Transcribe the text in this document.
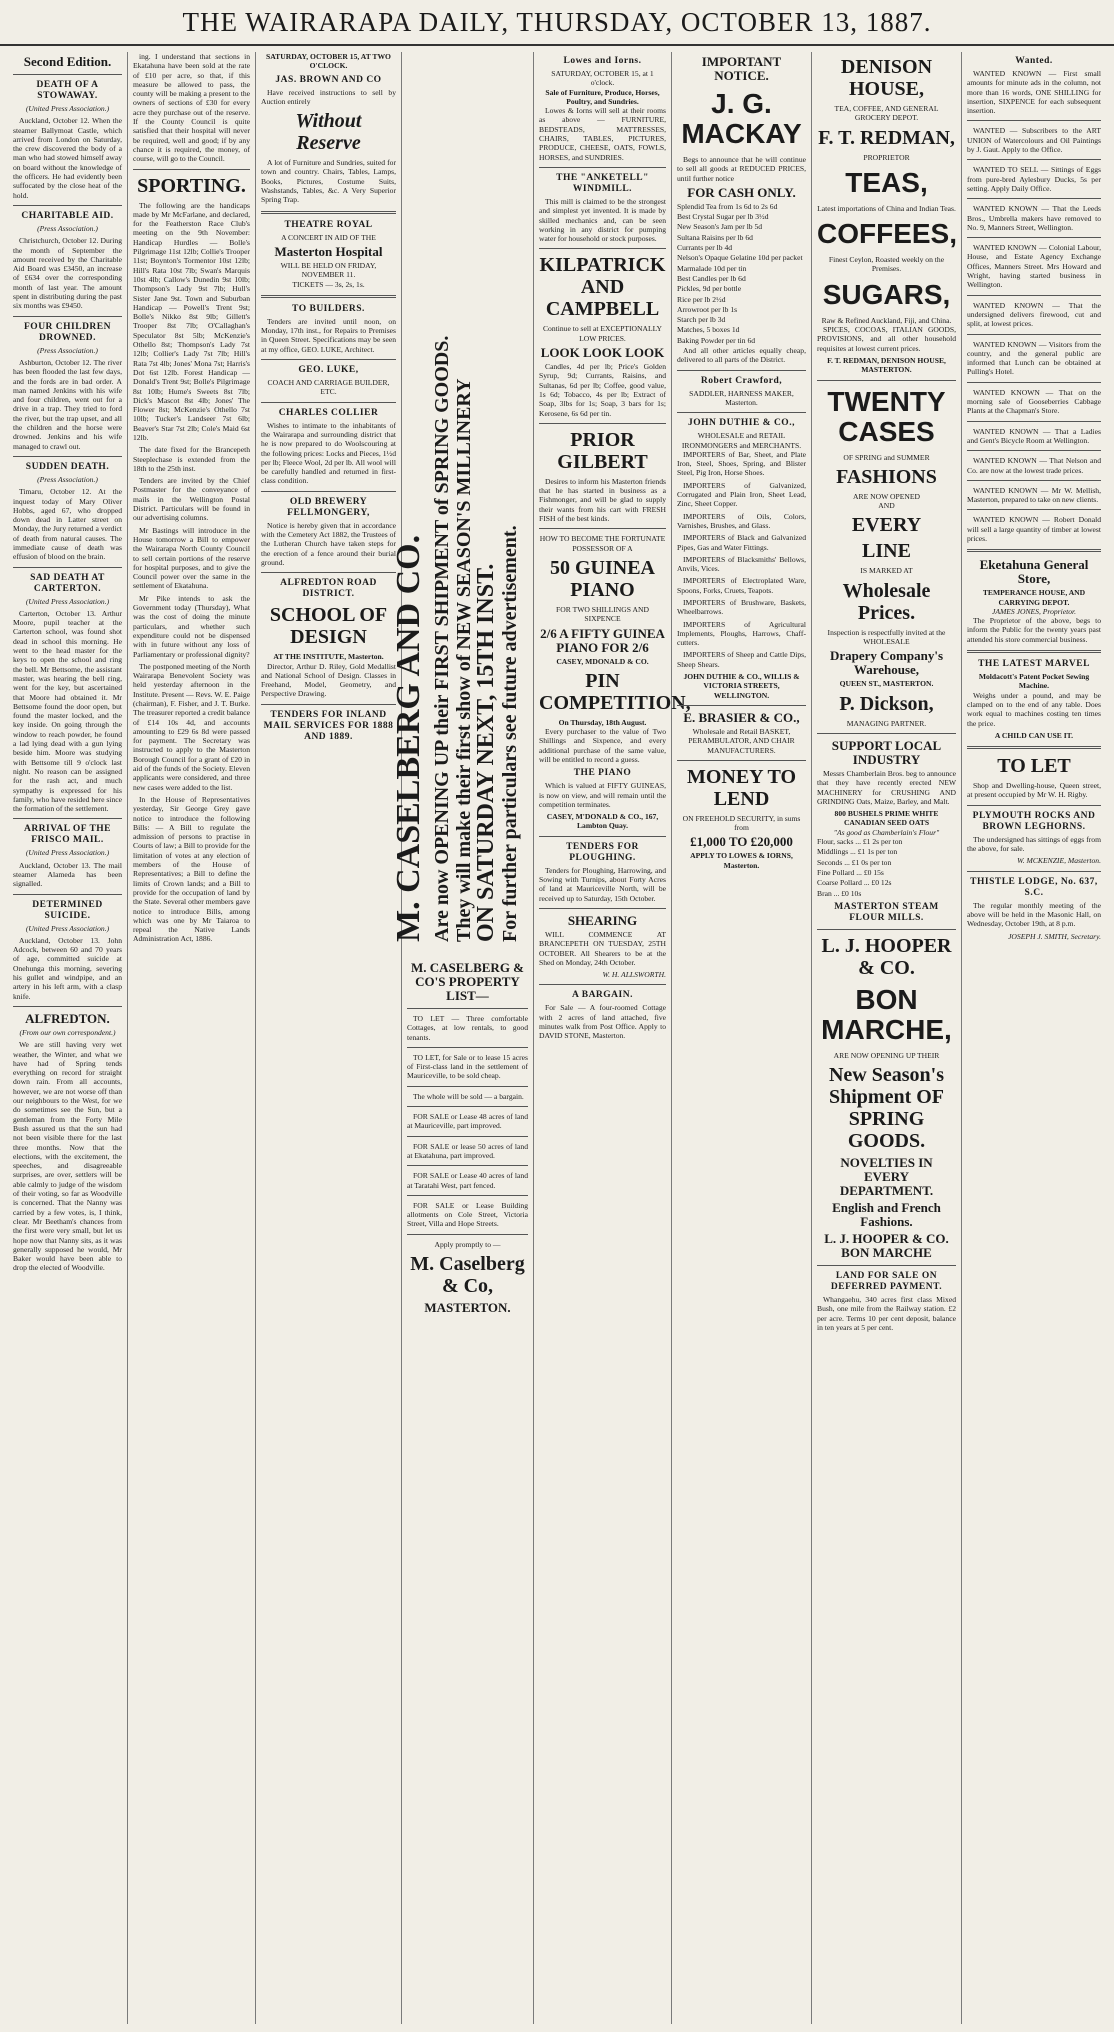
THE WAIRARAPA DAILY, THURSDAY, OCTOBER 13, 1887.
Second Edition.
DEATH OF A STOWAWAY.
(United Press Association.)

Auckland, October 12. When the steamer Ballymoat Castle, which arrived from London on Saturday, the crew discovered the body of a man who had stowed himself away on board without the knowledge of the officers. He had evidently been suffocated by the close heat of the hold.

CHARITABLE AID.
(Press Association.)

Christchurch, October 12. During the month of September the amount received by the Charitable Aid Board was £3450, an increase of £634 over the corresponding month of last year. The amount spent in distributing during the past six months was £9450.

FOUR CHILDREN DROWNED.
(Press Association.)

Ashburton, October 12. The river has been flooded the last few days, and the fords are in bad order. A man named Jenkins with his wife and four children, went out for a drive in a trap. They tried to ford the river, but the trap upset, and all the children and the horse were drowned. Jenkins and his wife managed to crawl out.

SUDDEN DEATH.
(Press Association.)

Timaru, October 12. At the inquest today of Mary Oliver Hobbs, aged 67, who dropped down dead in Latter street on Monday, the Jury returned a verdict of death from natural causes. The immediate cause of death was effusion of blood on the brain.

SAD DEATH AT CARTERTON.
(United Press Association.)

Carterton, October 13. Arthur Moore, pupil teacher at the Carterton school, was found shot dead in school this morning. He went to the head master for the keys to open the school and ring the bell. Mr Bettsome, the assistant master, was hearing the bell ring, went for the key, but ascertained that Moore had obtained it. Mr Bettsome found the door open, but found the master locked, and the key inside. On going through the window to reach powder, he found a lad lying dead with a gun lying beside him. Moore was studying with Bettsome till 9 o'clock last night. No reason can be assigned for the rash act, and much sympathy is expressed for his family, who have resided here since the formation of the settlement.

ARRIVAL OF THE FRISCO MAIL.
(United Press Association.)

Auckland, October 13. The mail steamer Alameda has been signalled.

DETERMINED SUICIDE.
(United Press Association.)

Auckland, October 13. John Adcock, between 60 and 70 years of age, committed suicide at Onehunga this morning, severing his gullet and windpipe, and an artery in his left arm, with a clasp knife.

ALFREDTON.
(From our own correspondent.)

We are still having very wet weather, the Winter, and what we have had of Spring tends everything on record for straight down rain. From all accounts, however, we are not worse off than our neighbours to the West, for we do sometimes see the Sun, but a gentleman from the Forty Mile Bush assured us that the sun had not been visible there for the last three months. Now that the elections, with the excitement, the speeches, and disagreeable surprises, are over, settlers will be able calmly to judge of the wisdom of their voting, so far as Woodville is concerned. That the Nanny was carried by a few votes, is, I think, clear. Mr Beetham's chances from the first were very small, but let us hope now that Nanny sits, as it was generally supposed he would, Mr Baker would have been able to drop the elected of Woodville.

ing. I understand that sections in Ekatahuna have been sold at the rate of £10 per acre, so that, if this measure be allowed to pass, the county will be making a present to the owners of sections of £30 for every acre they purchase out of the reserve. If the County Council is quite satisfied that their hospital will never be required, well and good; if by any chance it is required, the money, of course, will go to the Council.

SPORTING.

The following are the handicaps made by Mr McFarlane, and declared, for the Featherston Race Club's meeting on the 9th November: Handicap Hurdles — Bolle's Pilgrimage 11st 12lb; Collie's Trooper 11st; Boynton's Tormentor 10st 12lb; Hill's Rata 10st 7lb; Swan's Marquis 10st 4lb; Callow's Dunedin 9st 10lb; Thompson's Lady 9st 7lb; Hull's Sister Jane 9st. Town and Suburban Handicap — Powell's Trent 9st; Bolle's Nikko 8st 9lb; Gillett's Trooper 8st 7lb; O'Callaghan's Speculator 8st 5lb; McKenzie's Othello 8st; Thompson's Lady 7st 12lb; Collier's Lady 7st 7lb; Hill's Rata 7st 4lb; Jones' Mona 7st; Harris's Dot 6st 12lb. Forest Handicap — Donald's Trent 9st; Bolle's Pilgrimage 8st 10lb; Hume's Sweets 8st 7lb; Dick's Mascot 8st 4lb; Jones' The Flower 8st; McKenzie's Othello 7st 10lb; Tucker's Landseer 7st 6lb; Beaver's Star 7st 2lb; Cole's Maid 6st 12lb.

The date fixed for the Brancepeth Steeplechase is extended from the 18th to the 25th inst.

Tenders are invited by the Chief Postmaster for the conveyance of mails in the Wellington Postal District. Particulars will be found in our advertising columns.

Mr Bastings will introduce in the House tomorrow a Bill to empower the Wairarapa North County Council to sell certain portions of the reserve for hospital purposes, and to give the Council power over the same in the settlement of Ekatahuna.

Mr Pike intends to ask the Government today (Thursday), What was the cost of doing the minute particulars, and whether such expenditure could not be dispensed with in future without any loss of Parliamentary or professional dignity?

The postponed meeting of the North Wairarapa Benevolent Society was held yesterday afternoon in the Institute. Present — Revs. W. E. Paige (chairman), F. Fisher, and J. T. Burke. The treasurer reported a credit balance of £14 10s 4d, and accounts amounting to £29 6s 8d were passed for payment. The Secretary was instructed to apply to the Masterton Borough Council for a grant of £20 in aid of the funds of the Society. Eleven applicants were considered, and three new cases were added to the list.

In the House of Representatives yesterday, Sir George Grey gave notice to introduce the following Bills: — A Bill to regulate the admission of persons to practise in Courts of law; a Bill to provide for the limitation of votes at any election of members of the House of Representatives; a Bill to define the limits of Crown lands; and a Bill to provide for the occupation of land by the State. Several other members gave notice to introduce Bills, among which was one by Mr Taiaroa to repeal the Native Lands Administration Act, 1886.

SATURDAY, OCTOBER 15, AT TWO O'CLOCK.
JAS. BROWN AND CO

Have received instructions to sell by Auction entirely

Without Reserve

A lot of Furniture and Sundries, suited for town and country. Chairs, Tables, Lamps, Books, Pictures, Costume Suits, Washstands, Tables, &c. A Very Superior Spring Trap.

THEATRE ROYAL
A CONCERT IN AID OF THE
Masterton Hospital
WILL BE HELD ON FRIDAY, NOVEMBER 11.
TICKETS — 3s, 2s, 1s.
TO BUILDERS.

Tenders are invited until noon, on Monday, 17th inst., for Repairs to Premises in Queen Street. Specifications may be seen at my office, GEO. LUKE, Architect.

GEO. LUKE,
COACH AND CARRIAGE BUILDER, ETC.
CHARLES COLLIER

Wishes to intimate to the inhabitants of the Wairarapa and surrounding district that he is now prepared to do Woolscouring at the following prices: Locks and Pieces, 1½d per lb; Fleece Wool, 2d per lb. All wool will be carefully handled and returned in first-class condition.

OLD BREWERY FELLMONGERY,

Notice is hereby given that in accordance with the Cemetery Act 1882, the Trustees of the Lutheran Church have taken steps for the erection of a fence around their burial ground.

ALFREDTON ROAD DISTRICT.
SCHOOL OF DESIGN
AT THE INSTITUTE, Masterton.

Director, Arthur D. Riley, Gold Medallist and National School of Design. Classes in Freehand, Model, Geometry, and Perspective Drawing.

TENDERS FOR INLAND MAIL SERVICES FOR 1888 AND 1889.	M. CASELBERG AND CO. Are now OPENING UP their FIRST SHIPMENT of SPRING GOODS. They will make their first show of NEW SEASON'S MILLINERY
ON SATURDAY NEXT, 15TH INST. For further particulars see future advertisement.
M. CASELBERG & CO'S PROPERTY LIST—

TO LET — Three comfortable Cottages, at low rentals, to good tenants.

TO LET, for Sale or to lease 15 acres of First-class land in the settlement of Mauriceville, to be sold cheap.

The whole will be sold — a bargain.

FOR SALE or Lease 48 acres of land at Mauriceville, part improved.

FOR SALE or lease 50 acres of land at Ekatahuna, part improved.

FOR SALE or Lease 40 acres of land at Taratahi West, part fenced.

FOR SALE or Lease Building allotments on Cole Street, Victoria Street, Villa and Hope Streets.

Apply promptly to —
M. Caselberg & Co,
MASTERTON.
Lowes and Iorns.
SATURDAY, OCTOBER 15, at 1 o'clock.
Sale of Furniture, Produce, Horses, Poultry, and Sundries.

Lowes & Iorns will sell at their rooms as above — FURNITURE, BEDSTEADS, MATTRESSES, CHAIRS, TABLES, PICTURES, PRODUCE, CHEESE, OATS, FOWLS, HORSES, and SUNDRIES.

THE "ANKETELL" WINDMILL.

This mill is claimed to be the strongest and simplest yet invented. It is made by skilled mechanics and, can be seen working in any district for pumping water for household or stock purposes.

KILPATRICK AND CAMPBELL
Continue to sell at EXCEPTIONALLY LOW PRICES.
LOOK LOOK LOOK

Candles, 4d per lb; Price's Golden Syrup, 9d; Currants, Raisins, and Sultanas, 6d per lb; Coffee, good value, 1s 6d; Tobacco, 4s per lb; Extract of Soap, 3lbs for 1s; Soap, 3 bars for 1s; Kerosene, 6s 6d per tin.

PRIOR GILBERT

Desires to inform his Masterton friends that he has started in business as a Fishmonger, and will be glad to supply their wants from his cart with FRESH FISH of the best kinds.

HOW TO BECOME THE FORTUNATE POSSESSOR OF A
50 GUINEA PIANO
FOR TWO SHILLINGS AND SIXPENCE
2/6 A FIFTY GUINEA PIANO FOR 2/6
CASEY, MDONALD & CO.
PIN COMPETITION,
On Thursday, 18th August.

Every purchaser to the value of Two Shillings and Sixpence, and every additional purchase of the same value, will be entitled to record a guess.

THE PIANO

Which is valued at FIFTY GUINEAS, is now on view, and will remain until the competition terminates.

CASEY, M'DONALD & CO., 167, Lambton Quay.
TENDERS FOR PLOUGHING.

Tenders for Ploughing, Harrowing, and Sowing with Turnips, about Forty Acres of land at Mauriceville North, will be received up to Saturday, 15th October.

SHEARING

WILL COMMENCE AT BRANCEPETH ON TUESDAY, 25TH OCTOBER. All Shearers to be at the Shed on Monday, 24th October.

W. H. ALLSWORTH.
A BARGAIN.

For Sale — A four-roomed Cottage with 2 acres of land attached, five minutes walk from Post Office. Apply to DAVID STONE, Masterton.

IMPORTANT NOTICE.
J. G. MACKAY

Begs to announce that he will continue to sell all goods at REDUCED PRICES, until further notice

FOR CASH ONLY.
Splendid Tea from 1s 6d to 2s 6d
Best Crystal Sugar per lb 3½d
New Season's Jam per lb 5d
Sultana Raisins per lb 6d
Currants per lb 4d
Nelson's Opaque Gelatine 10d per packet
Marmalade 10d per tin
Best Candles per lb 6d
Pickles, 9d per bottle
Rice per lb 2½d
Arrowroot per lb 1s
Starch per lb 3d
Matches, 5 boxes 1d
Baking Powder per tin 6d

And all other articles equally cheap, delivered to all parts of the District.

Robert Crawford,
SADDLER, HARNESS MAKER, Masterton.
JOHN DUTHIE & CO.,
WHOLESALE and RETAIL IRONMONGERS and MERCHANTS.

IMPORTERS of Bar, Sheet, and Plate Iron, Steel, Shoes, Spring, and Blister Steel, Pig Iron, Horse Shoes.

IMPORTERS of Galvanized, Corrugated and Plain Iron, Sheet Lead, Zinc, Sheet Copper.

IMPORTERS of Oils, Colors, Varnishes, Brushes, and Glass.

IMPORTERS of Black and Galvanized Pipes, Gas and Water Fittings.

IMPORTERS of Blacksmiths' Bellows, Anvils, Vices.

IMPORTERS of Electroplated Ware, Spoons, Forks, Cruets, Teapots.

IMPORTERS of Brushware, Baskets, Wheelbarrows.

IMPORTERS of Agricultural Implements, Ploughs, Harrows, Chaff-cutters.

IMPORTERS of Sheep and Cattle Dips, Sheep Shears.

JOHN DUTHIE & CO., WILLIS & VICTORIA STREETS, WELLINGTON.
E. BRASIER & CO.,
Wholesale and Retail BASKET, PERAMBULATOR, AND CHAIR MANUFACTURERS.
MONEY TO LEND
ON FREEHOLD SECURITY, in sums from
£1,000 TO £20,000
APPLY TO LOWES & IORNS, Masterton.
DENISON HOUSE,
TEA, COFFEE, AND GENERAL GROCERY DEPOT.
F. T. REDMAN,
PROPRIETOR
TEAS,
Latest importations of China and Indian Teas.
COFFEES,
Finest Ceylon, Roasted weekly on the Premises.
SUGARS,
Raw & Refined Auckland, Fiji, and China.

SPICES, COCOAS, ITALIAN GOODS, PROVISIONS, and all other household requisites at lowest current prices.

F. T. REDMAN, DENISON HOUSE, MASTERTON.
TWENTY CASES
OF SPRING and SUMMER
FASHIONS
ARE NOW OPENED
AND
EVERY
LINE
IS MARKED AT
Wholesale Prices.
Inspection is respectfully invited at the
WHOLESALE
Drapery Company's Warehouse,
QUEEN ST., MASTERTON.
P. Dickson,
MANAGING PARTNER.
SUPPORT LOCAL INDUSTRY

Messrs Chamberlain Bros. beg to announce that they have recently erected NEW MACHINERY for CRUSHING AND GRINDING Oats, Maize, Barley, and Malt.

800 BUSHELS PRIME WHITE CANADIAN SEED OATS
"As good as Chamberlain's Flour"
Flour, sacks ... £1 2s per ton
Middlings ... £1 1s per ton
Seconds ... £1 0s per ton
Fine Pollard ... £0 15s
Coarse Pollard ... £0 12s
Bran ... £0 10s
MASTERTON STEAM FLOUR MILLS.
L. J. HOOPER & CO.
BON MARCHE,
ARE NOW OPENING UP THEIR
New Season's Shipment OF SPRING GOODS.
NOVELTIES IN EVERY DEPARTMENT.
English and French Fashions.
L. J. HOOPER & CO. BON MARCHE
LAND FOR SALE ON DEFERRED PAYMENT.

Whangaehu, 340 acres first class Mixed Bush, one mile from the Railway station. £2 per acre. Terms 10 per cent deposit, balance in ten years at 5 per cent.

Wanted.

WANTED KNOWN — First small amounts for minute ads in the column, not more than 16 words, ONE SHILLING for insertion, SIXPENCE for each subsequent insertion.

WANTED — Subscribers to the ART UNION of Watercolours and Oil Paintings by J. Gaut. Apply to the Office.

WANTED TO SELL — Sittings of Eggs from pure-bred Aylesbury Ducks, 5s per setting. Apply Daily Office.

WANTED KNOWN — That the Leeds Bros., Umbrella makers have removed to No. 9, Manners Street, Wellington.

WANTED KNOWN — Colonial Labour, House, and Estate Agency Exchange Offices, Manners Street. Mrs Howard and Wright, having started business in Wellington.

WANTED KNOWN — That the undersigned delivers firewood, cut and split, at lowest prices.

WANTED KNOWN — Visitors from the country, and the general public are informed that Lunch can be obtained at Pulling's Hotel.

WANTED KNOWN — That on the morning sale of Gooseberries Cabbage Plants at the Chapman's Store.

WANTED KNOWN — That a Ladies and Gent's Bicycle Room at Wellington.

WANTED KNOWN — That Nelson and Co. are now at the lowest trade prices.

WANTED KNOWN — Mr W. Mellish, Masterton, prepared to take on new clients.

WANTED KNOWN — Robert Donald will sell a large quantity of timber at lowest prices.

Eketahuna General Store,
TEMPERANCE HOUSE, AND CARRYING DEPOT.
JAMES JONES, Proprietor.

The Proprietor of the above, begs to inform the Public for the twenty years past attended his store commercial business.

THE LATEST MARVEL
Moldacott's Patent Pocket Sewing Machine.

Weighs under a pound, and may be clamped on to the end of any table. Does work equal to machines costing ten times the price.

A CHILD CAN USE IT.
TO LET

Shop and Dwelling-house, Queen street, at present occupied by Mr W. H. Rigby.

PLYMOUTH ROCKS AND BROWN LEGHORNS.

The undersigned has sittings of eggs from the above, for sale.

W. MCKENZIE, Masterton.
THISTLE LODGE, No. 637, S.C.

The regular monthly meeting of the above will be held in the Masonic Hall, on Wednesday, October 19th, at 8 p.m.

JOSEPH J. SMITH, Secretary.
